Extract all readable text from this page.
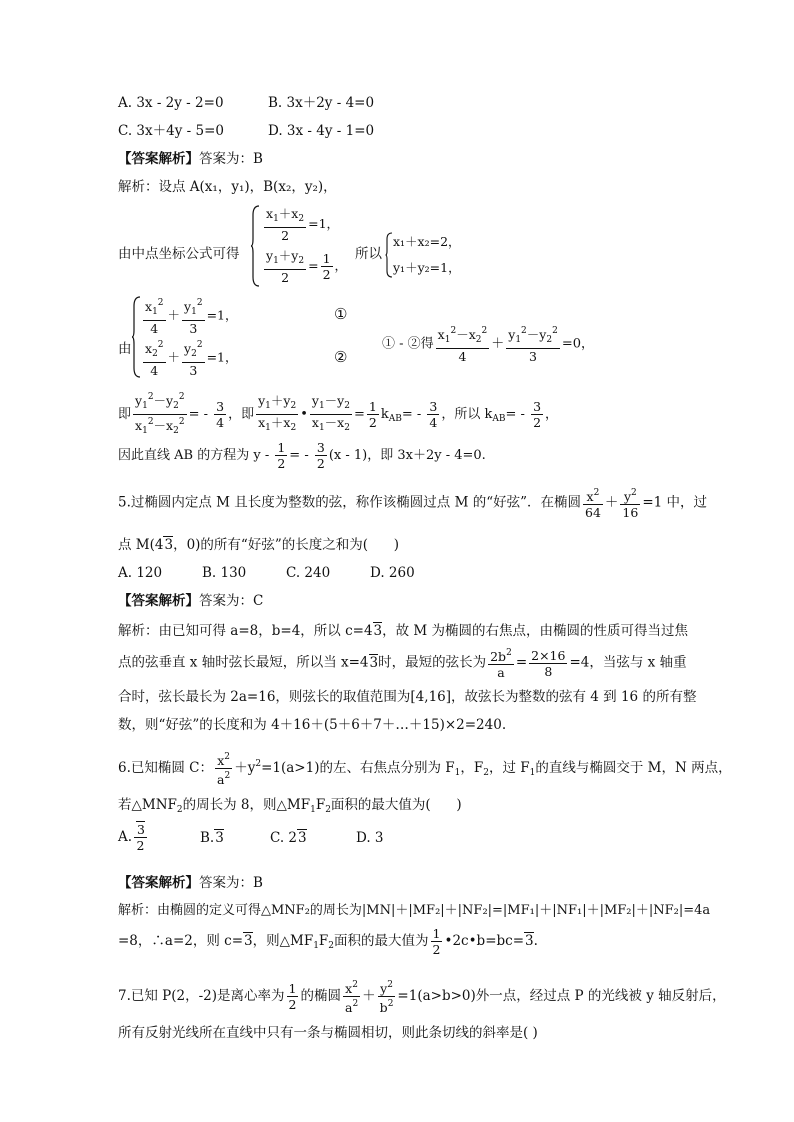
A. 3x - 2y - 2=0	B. 3x＋2y - 4=0
C. 3x＋4y - 5=0	D. 3x - 4y - 1=0
【答案解析】答案为：B
解析：设点 A(x₁，y₁)，B(x₂，y₂)，
由中点坐标公式可得
$\frac{x_1+x_2}{2} =1$，
$\frac{y_1+y_2}{2} = \frac{1}{2}$ ，
所以
x₁＋x₂=2，
y₁＋y₂=1，
由
$\frac{x_1^2}{4} + \frac{y_1^2}{3} =1$，
$\frac{x_2^2}{4} + \frac{y_2^2}{3} =1$，
①
②
① - ②得 $\frac{x_1^2-x_2^2}{4} + \frac{y_1^2-y_2^2}{3} =0$，
即 $\frac{y_1^2-y_2^2}{x_1^2-x_2^2}$ = - $\frac{3}{4}$ ，即 $\frac{y_1+y_2}{x_1+x_2}$ • $\frac{y_1-y_2}{x_1-x_2} = \frac{1}{2} k_{AB}= - \frac{3}{4}$ ，所以 $k_{AB}= - \frac{3}{2}$ ，
因此直线 AB 的方程为 y - $\frac{1}{2}$ = - $\frac{3}{2} (x - 1)$，即 3x＋2y - 4=0.
5.过椭圆内定点 M 且长度为整数的弦，称作该椭圆过点 M 的“好弦”．在椭圆 $\frac{x^2}{64} + \frac{y^2}{16} =1$ 中，过
点 M(43，0)的所有“好弦”的长度之和为(      )
A. 120	B. 130	C. 240	D. 260
【答案解析】答案为：C
解析：由已知可得 a=8，b=4，所以 c=43，故 M 为椭圆的右焦点，由椭圆的性质可得当过焦
点的弦垂直 x 轴时弦长最短，所以当 x=43时，最短的弦长为 $\frac{2b^2}{a} = \frac{2\times 16}{8} =4$，当弦与 x 轴重
合时，弦长最长为 2a=16，则弦长的取值范围为[4,16]，故弦长为整数的弦有 4 到 16 的所有整
数，则“好弦”的长度和为 4＋16＋(5＋6＋7＋…＋15)×2=240.
6.已知椭圆 C： $\frac{x^2}{a^2} +y^2=1(a>1)$的左、右焦点分别为 $F_1$，$F_2$，过 $F_1$的直线与椭圆交于 M，N 两点，
若$\triangle MNF_2$的周长为 8，则$\triangle MF_1F_2$面积的最大值为(      )
A. $\frac{3}{2}$	B.3	C. 23	D. 3
【答案解析】答案为：B
解析：由椭圆的定义可得△MNF₂的周长为|MN|＋|MF₂|＋|NF₂|=|MF₁|＋|NF₁|＋|MF₂|＋|NF₂|=4a
=8，∴a=2，则 c=3，则$\triangle MF_1F_2$面积的最大值为 $\frac{1}{2}$ •2c•b=bc=3.
7.已知 P(2，-2)是离心率为 $\frac{1}{2}$ 的椭圆 $\frac{x^2}{a^2} + \frac{y^2}{b^2} =1(a>b>0)$外一点，经过点 P 的光线被 y 轴反射后，
所有反射光线所在直线中只有一条与椭圆相切，则此条切线的斜率是( )
